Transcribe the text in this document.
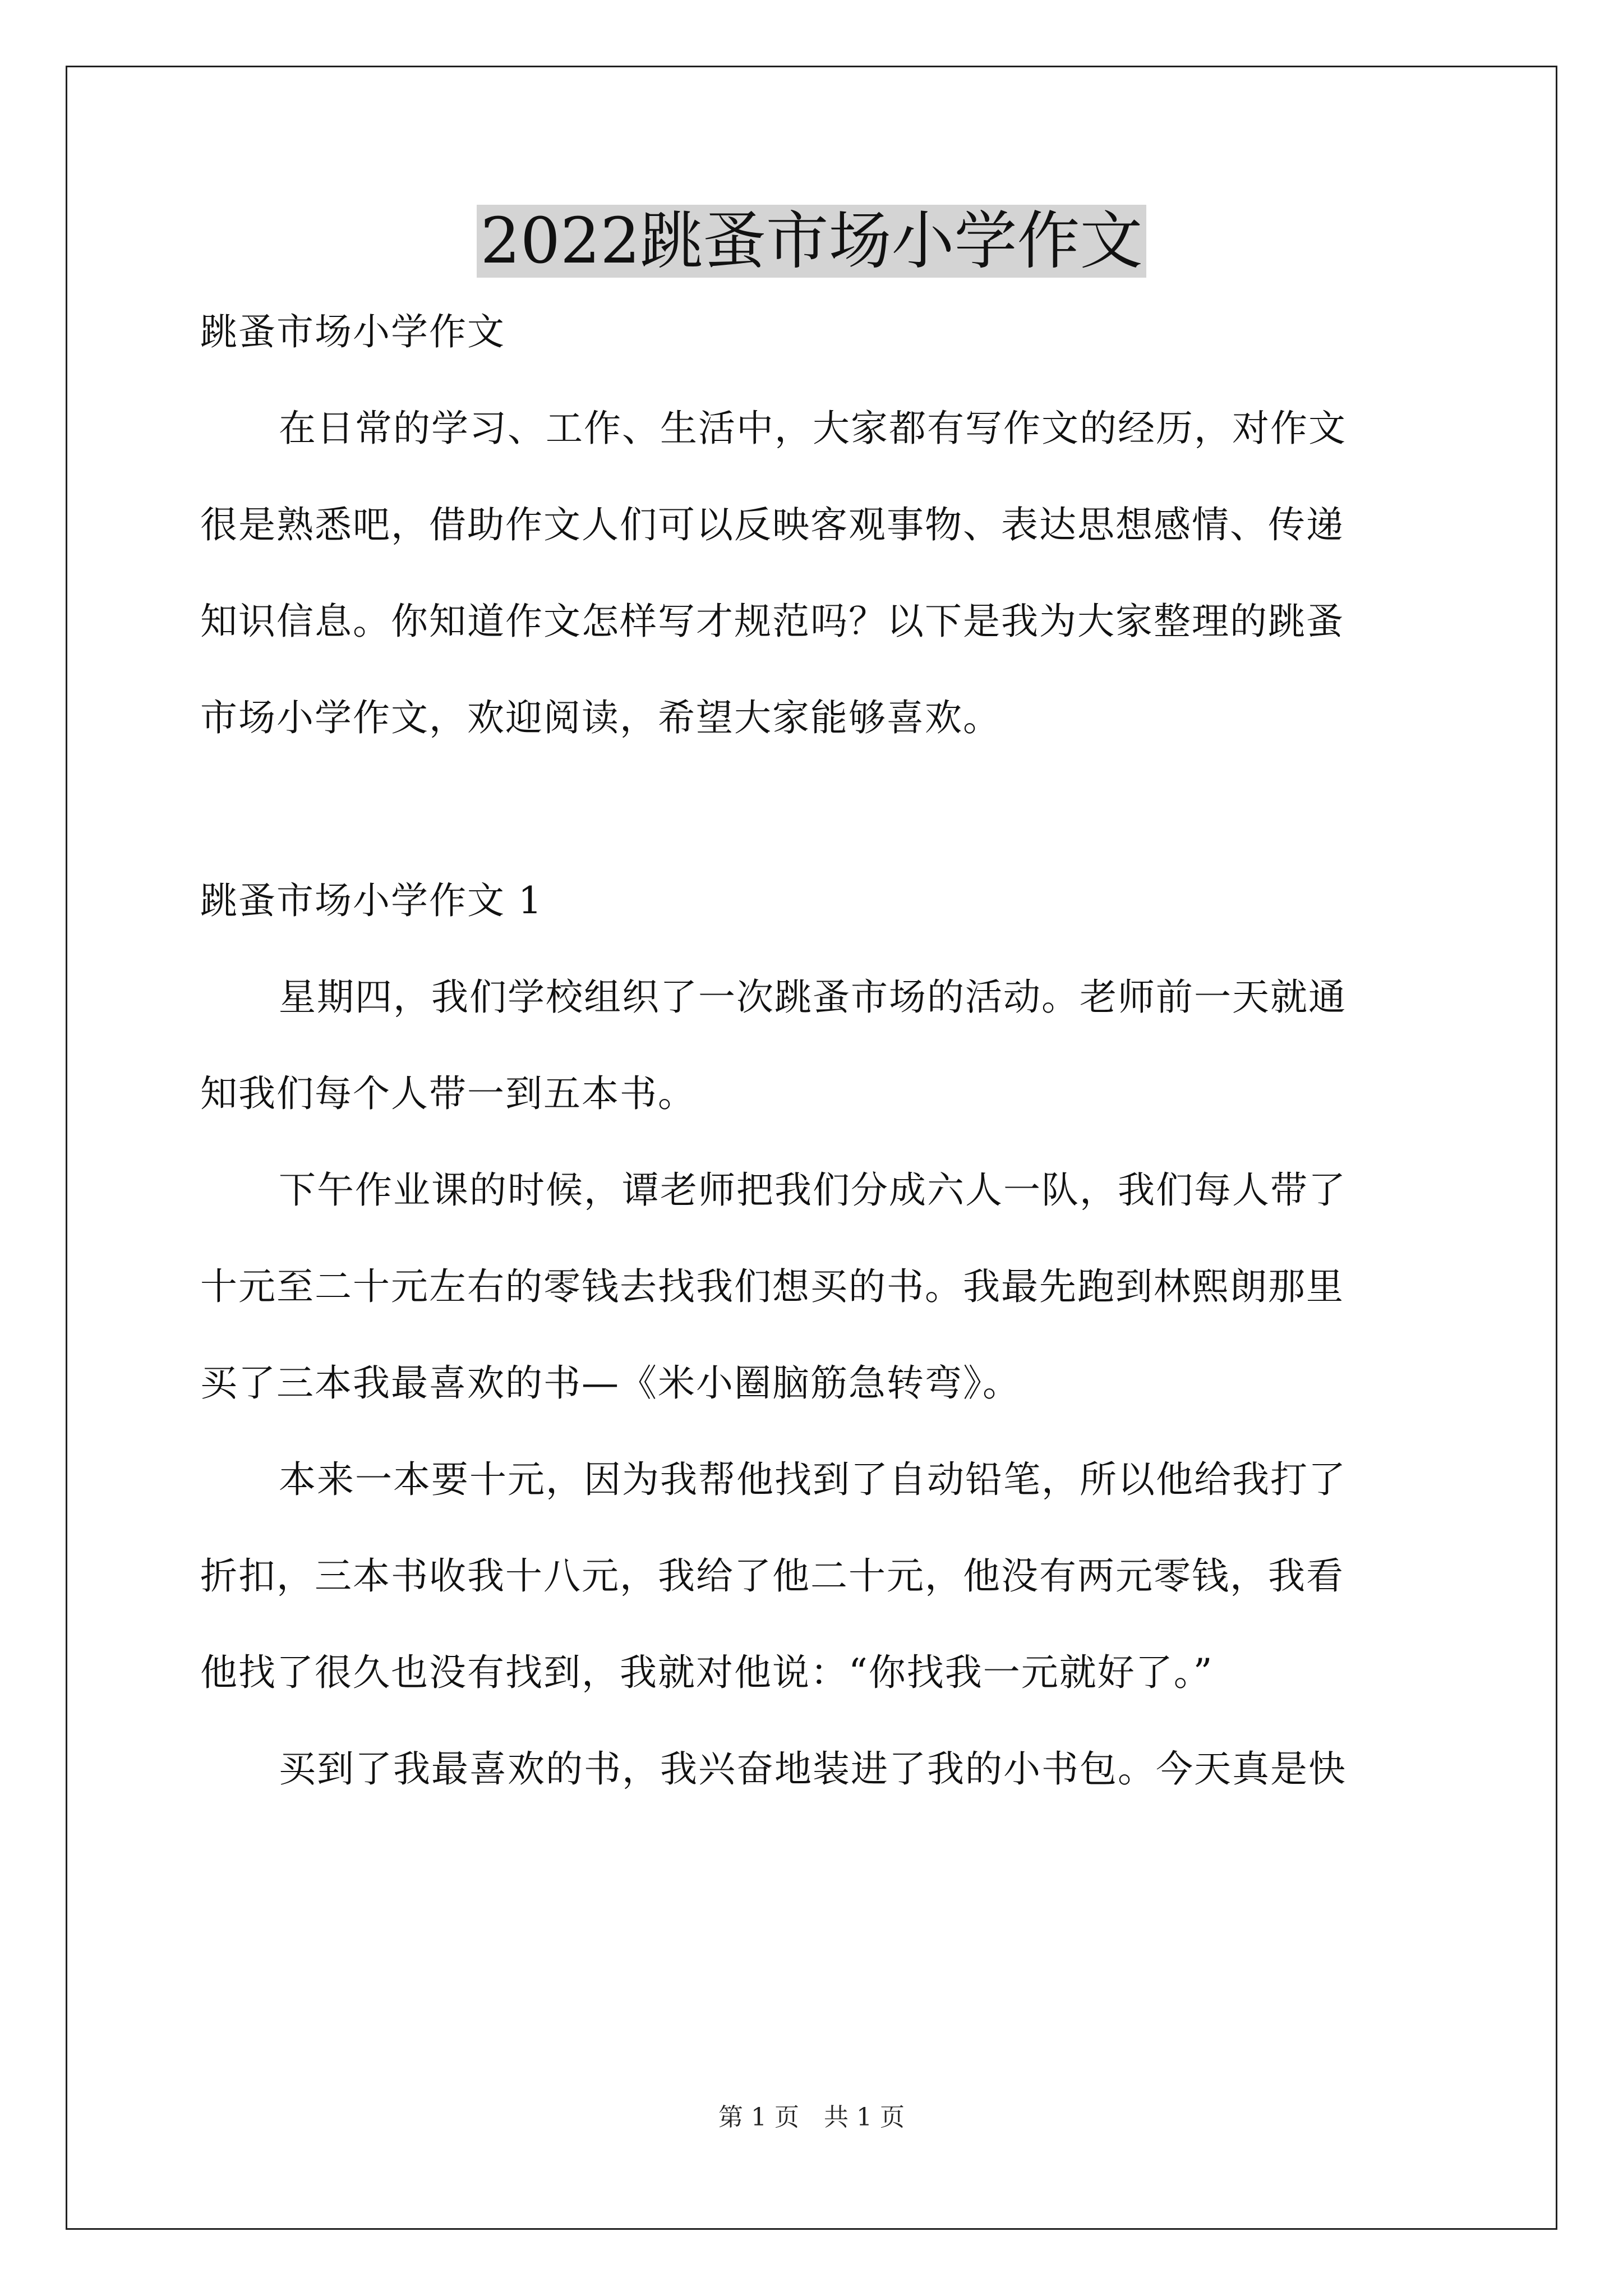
2022跳蚤市场小学作文
跳蚤市场小学作文
在日常的学习、工作、生活中，大家都有写作文的经历，对作文
很是熟悉吧，借助作文人们可以反映客观事物、表达思想感情、传递
知识信息。你知道作文怎样写才规范吗？以下是我为大家整理的跳蚤
市场小学作文，欢迎阅读，希望大家能够喜欢。
跳蚤市场小学作文 1
星期四，我们学校组织了一次跳蚤市场的活动。老师前一天就通
知我们每个人带一到五本书。
下午作业课的时候，谭老师把我们分成六人一队，我们每人带了
十元至二十元左右的零钱去找我们想买的书。我最先跑到林熙朗那里
买了三本我最喜欢的书—《米小圈脑筋急转弯》。
本来一本要十元，因为我帮他找到了自动铅笔，所以他给我打了
折扣，三本书收我十八元，我给了他二十元，他没有两元零钱，我看
他找了很久也没有找到，我就对他说：“你找我一元就好了。”
买到了我最喜欢的书，我兴奋地装进了我的小书包。今天真是快
第 1 页　共 1 页
